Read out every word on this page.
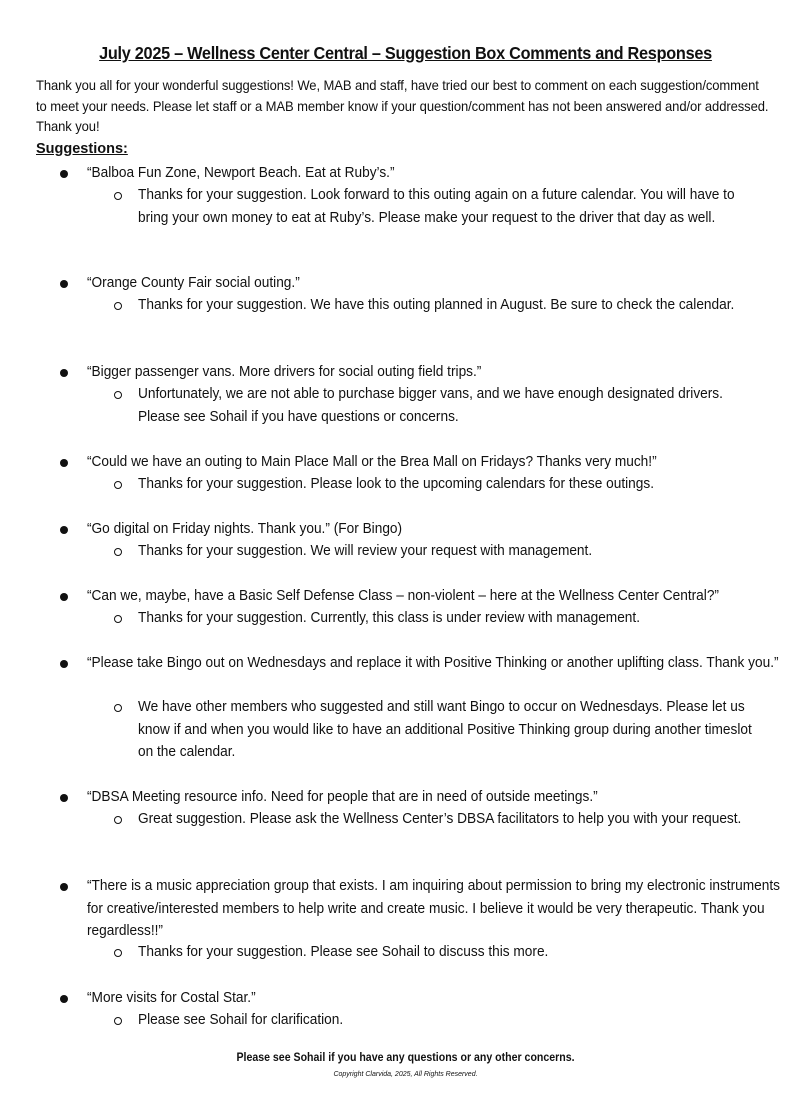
July 2025 – Wellness Center Central – Suggestion Box Comments and Responses
Thank you all for your wonderful suggestions! We, MAB and staff, have tried our best to comment on each suggestion/comment to meet your needs. Please let staff or a MAB member know if your question/comment has not been answered and/or addressed. Thank you!
Suggestions:
“Balboa Fun Zone, Newport Beach. Eat at Ruby’s.”
Thanks for your suggestion. Look forward to this outing again on a future calendar. You will have to bring your own money to eat at Ruby’s. Please make your request to the driver that day as well.
“Orange County Fair social outing.”
Thanks for your suggestion. We have this outing planned in August. Be sure to check the calendar.
“Bigger passenger vans. More drivers for social outing field trips.”
Unfortunately, we are not able to purchase bigger vans, and we have enough designated drivers. Please see Sohail if you have questions or concerns.
“Could we have an outing to Main Place Mall or the Brea Mall on Fridays? Thanks very much!”
Thanks for your suggestion. Please look to the upcoming calendars for these outings.
“Go digital on Friday nights. Thank you.” (For Bingo)
Thanks for your suggestion. We will review your request with management.
“Can we, maybe, have a Basic Self Defense Class – non-violent – here at the Wellness Center Central?”
Thanks for your suggestion. Currently, this class is under review with management.
“Please take Bingo out on Wednesdays and replace it with Positive Thinking or another uplifting class. Thank you.”
We have other members who suggested and still want Bingo to occur on Wednesdays. Please let us know if and when you would like to have an additional Positive Thinking group during another timeslot on the calendar.
“DBSA Meeting resource info. Need for people that are in need of outside meetings.”
Great suggestion. Please ask the Wellness Center’s DBSA facilitators to help you with your request.
“There is a music appreciation group that exists. I am inquiring about permission to bring my electronic instruments for creative/interested members to help write and create music. I believe it would be very therapeutic. Thank you regardless!!”
Thanks for your suggestion. Please see Sohail to discuss this more.
“More visits for Costal Star.”
Please see Sohail for clarification.
Please see Sohail if you have any questions or any other concerns.
Copyright Clarvida, 2025, All Rights Reserved.
